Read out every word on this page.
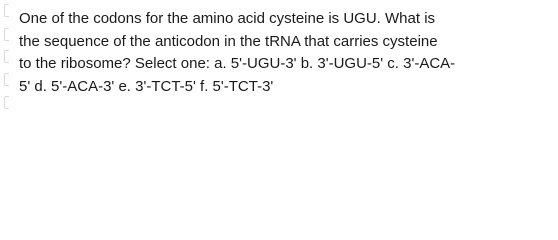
One of the codons for the amino acid cysteine is UGU. What is
the sequence of the anticodon in the tRNA that carries cysteine
to the ribosome? Select one: a. 5'-UGU-3' b. 3'-UGU-5' c. 3'-ACA-
5' d. 5'-ACA-3' e. 3'-TCT-5' f. 5'-TCT-3'
